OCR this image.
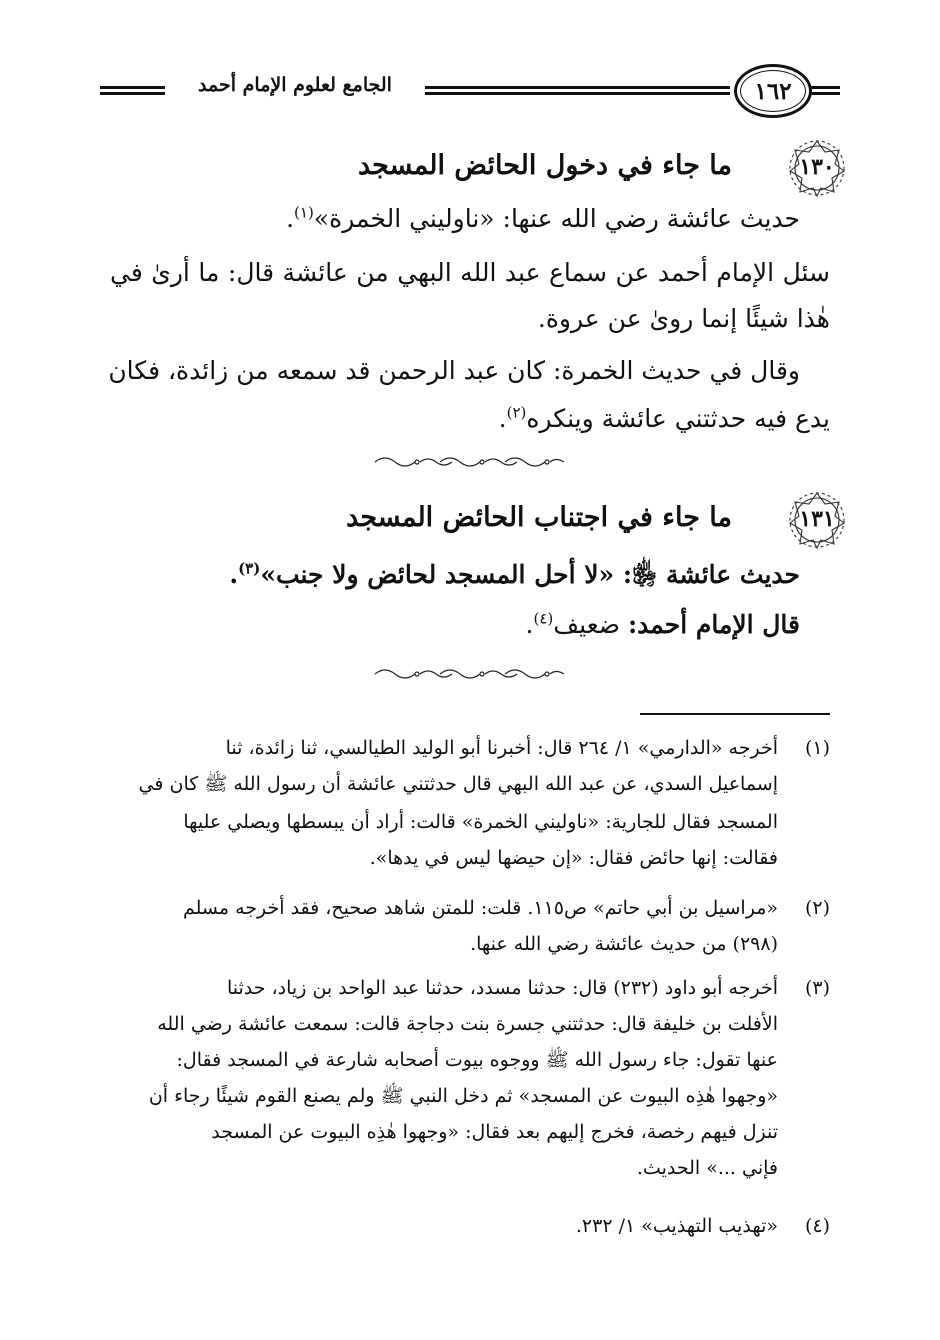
١٦٢
الجامع لعلوم الإمام أحمد
١٣٠
ما جاء في دخول الحائض المسجد
حديث عائشة رضي الله عنها: «ناوليني الخمرة»$^{(١)}$.
سئل الإمام أحمد عن سماع عبد الله البهي من عائشة قال: ما أرىٰ في
هٰذا شيئًا إنما روىٰ عن عروة.
وقال في حديث الخمرة: كان عبد الرحمن قد سمعه من زائدة، فكان
يدع فيه حدثتني عائشة وينكره$^{(٢)}$.
١٣١
ما جاء في اجتناب الحائض المسجد
حديث عائشة ﵂: «لا أحل المسجد لحائض ولا جنب»$^{(٣)}$.
قال الإمام أحمد: ضعيف$^{(٤)}$.
(١)
أخرجه «الدارمي» ١/ ٢٦٤ قال: أخبرنا أبو الوليد الطيالسي، ثنا زائدة، ثنا
إسماعيل السدي، عن عبد الله البهي قال حدثتني عائشة أن رسول الله ﷺ كان في
المسجد فقال للجارية: «ناوليني الخمرة» قالت: أراد أن يبسطها ويصلي عليها
فقالت: إنها حائض فقال: «إن حيضها ليس في يدها».
(٢)
«مراسيل بن أبي حاتم» ص١١٥. قلت: للمتن شاهد صحيح، فقد أخرجه مسلم
(٢٩٨) من حديث عائشة رضي الله عنها.
(٣)
أخرجه أبو داود (٢٣٢) قال: حدثنا مسدد، حدثنا عبد الواحد بن زياد، حدثنا
الأفلت بن خليفة قال: حدثتني جسرة بنت دجاجة قالت: سمعت عائشة رضي الله
عنها تقول: جاء رسول الله ﷺ ووجوه بيوت أصحابه شارعة في المسجد فقال:
«وجهوا هٰذِه البيوت عن المسجد» ثم دخل النبي ﷺ ولم يصنع القوم شيئًا رجاء أن
تنزل فيهم رخصة، فخرج إليهم بعد فقال: «وجهوا هٰذِه البيوت عن المسجد
فإني ...» الحديث.
(٤)
«تهذيب التهذيب» ١/ ٢٣٢.
